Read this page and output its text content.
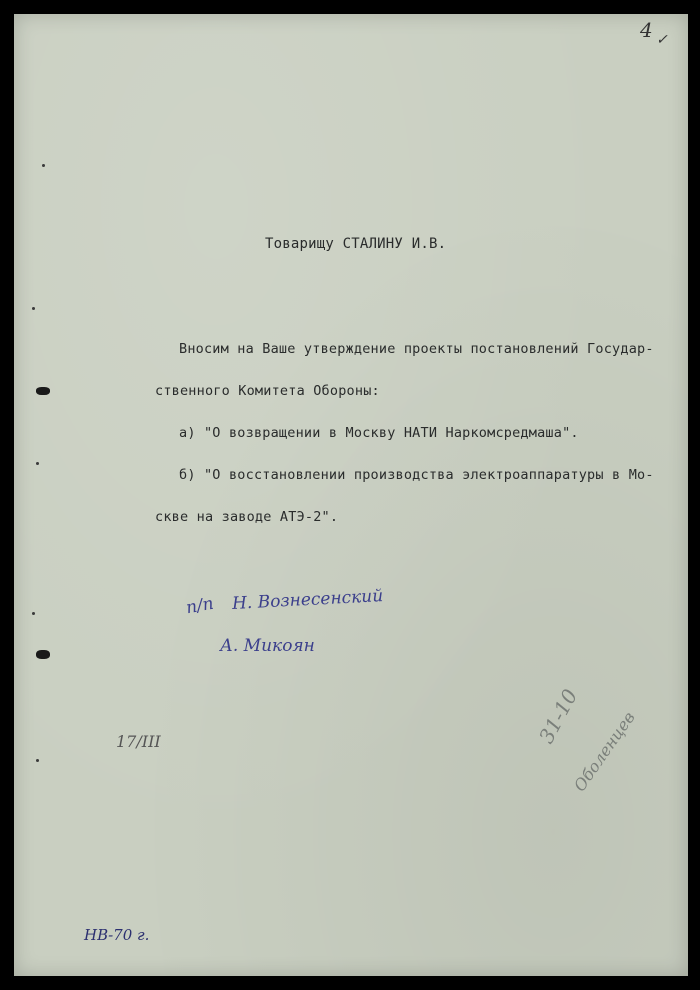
4 ✓
Товарищу СТАЛИНУ И.В.
Вносим на Ваше утверждение проекты постановлений Государ-
ственного Комитета Обороны:
а) "О возвращении в Москву НАТИ Наркомсредмаша".
б) "О восстановлении производства электроаппаратуры в Мо-
скве на заводе АТЭ-2".
п/п Н. Вознесенский
А. Микоян
17/III	31-10
Оболенцев
НВ-70 г.
